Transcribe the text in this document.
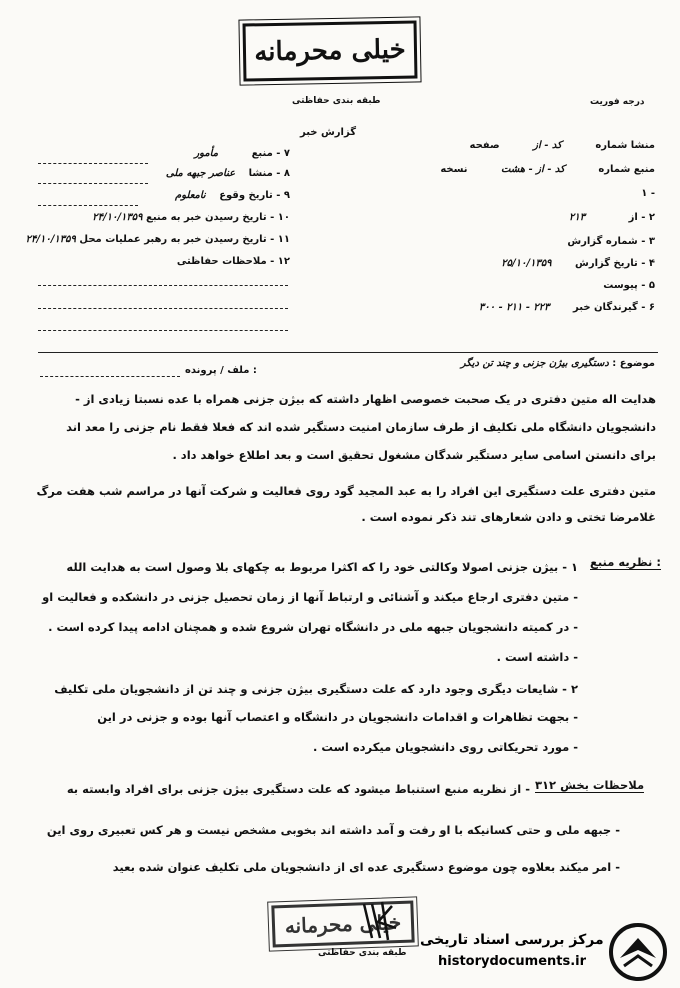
خیلی محرمانه
طبقه بندی حفاظتی	درجه فوریت
گزارش خبر
منشا شماره کد - از صفحه
منبع شماره کد - از - هشت نسخه
۱ -
۲ - از ۲۱۳
۳ - شماره گزارش
۴ - تاریخ گزارش ۲۵/۱۰/۱۳۵۹
۵ - پیوست
۶ - گیرندگان خبر ۲۲۳ - ۲۱۱ - ۳۰۰
۷ - منبع مأمور
۸ - منشا عناصر جبهه ملی
۹ - تاریخ وقوع نامعلوم
۱۰ - تاریخ رسیدن خبر به منبع ۲۴/۱۰/۱۳۵۹
۱۱ - تاریخ رسیدن خبر به رهبر عملیات محل ۲۴/۱۰/۱۳۵۹
۱۲ - ملاحظات حفاظتی
موضوع : دستگیری بیژن جزنی و چند تن دیگر
ملف / پرونده :
هدایت اله متین دفتری در یک صحبت خصوصی اظهار داشته که بیژن جزنی همراه با عده نسبتا زیادی از -
دانشجویان دانشگاه ملی تکلیف از طرف سازمان امنیت دستگیر شده اند که فعلا فقط نام جزنی را معد اند
برای دانستن اسامی سایر دستگیر شدگان مشغول تحقیق است و بعد اطلاع خواهد داد .
متین دفتری علت دستگیری این افراد را به عبد المجید گود روی فعالیت و شرکت آنها در مراسم شب هفت مرگ
غلامرضا تختی و دادن شعارهای تند ذکر نموده است .
نظریه منبع :
۱ - بیژن جزنی اصولا وکالتی خود را که اکثرا مربوط به چکهای بلا وصول است به هدایت الله
- متین دفتری ارجاع میکند و آشنائی و ارتباط آنها از زمان تحصیل جزنی در دانشکده و فعالیت او
- در کمیته دانشجویان جبهه ملی در دانشگاه تهران شروع شده و همچنان ادامه پیدا کرده است .
- داشته است .
۲ - شایعات دیگری وجود دارد که علت دستگیری بیژن جزنی و چند تن از دانشجویان ملی تکلیف
- بجهت تظاهرات و اقدامات دانشجویان در دانشگاه و اعتصاب آنها بوده و جزنی در این
- مورد تحریکاتی روی دانشجویان میکرده است .
ملاحظات بخش ۳۱۲
- از نظریه منبع استنباط میشود که علت دستگیری بیژن جزنی برای افراد وابسته به
- جبهه ملی و حتی کسانیکه با او رفت و آمد داشته اند بخوبی مشخص نیست و هر کس تعبیری روی این
- امر میکند بعلاوه چون موضوع دستگیری عده ای از دانشجویان ملی تکلیف عنوان شده بعید
خیلی محرمانه
طبقه بندی حفاظتی
مرکز بررسی اسناد تاریخی
historydocuments.ir
